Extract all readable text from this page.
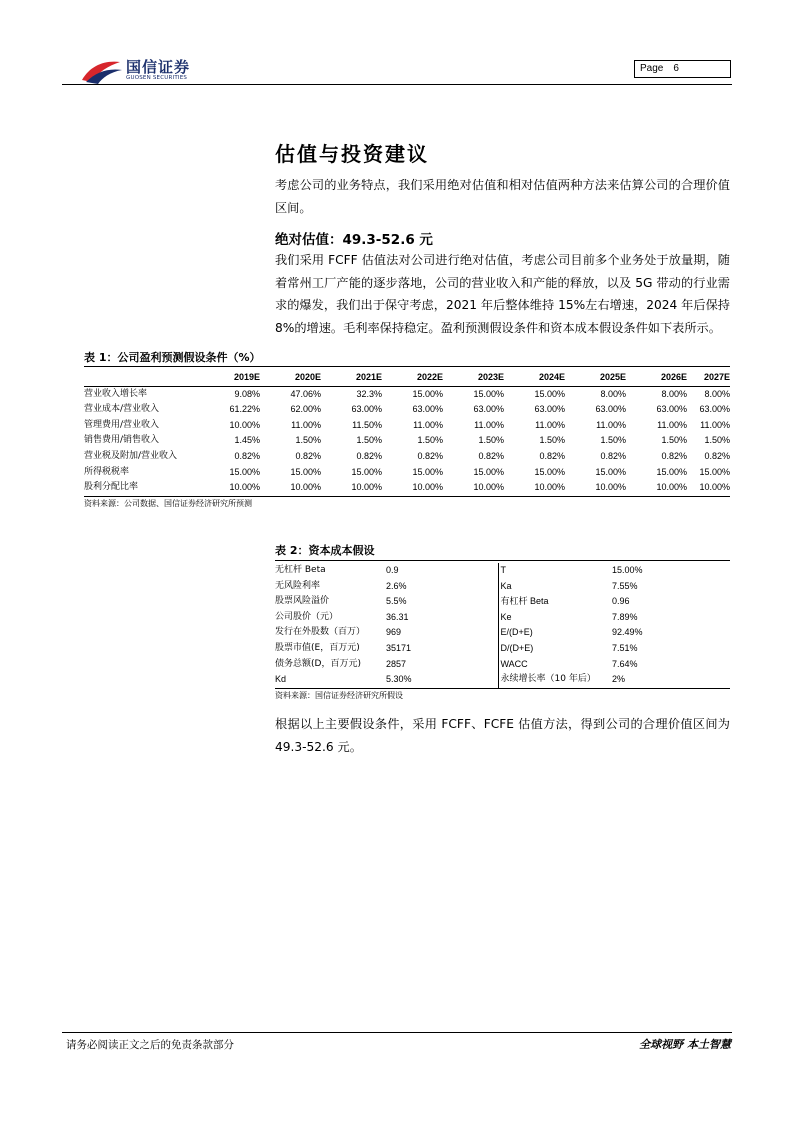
国信证券
GUOSEN SECURITIES
Page 6
估值与投资建议
考虑公司的业务特点，我们采用绝对估值和相对估值两种方法来估算公司的合理价值区间。
绝对估值：49.3-52.6 元
我们采用 FCFF 估值法对公司进行绝对估值，考虑公司目前多个业务处于放量期，随着常州工厂产能的逐步落地，公司的营业收入和产能的释放，以及 5G 带动的行业需求的爆发，我们出于保守考虑，2021 年后整体维持 15%左右增速，2024 年后保持 8%的增速。毛利率保持稳定。盈利预测假设条件和资本成本假设条件如下表所示。
表 1：公司盈利预测假设条件（%）
	2019E	2020E	2021E	2022E	2023E	2024E	2025E	2026E	2027E
营业收入增长率	9.08%	47.06%	32.3%	15.00%	15.00%	15.00%	8.00%	8.00%	8.00%
营业成本/营业收入	61.22%	62.00%	63.00%	63.00%	63.00%	63.00%	63.00%	63.00%	63.00%
管理费用/营业收入	10.00%	11.00%	11.50%	11.00%	11.00%	11.00%	11.00%	11.00%	11.00%
销售费用/销售收入	1.45%	1.50%	1.50%	1.50%	1.50%	1.50%	1.50%	1.50%	1.50%
营业税及附加/营业收入	0.82%	0.82%	0.82%	0.82%	0.82%	0.82%	0.82%	0.82%	0.82%
所得税税率	15.00%	15.00%	15.00%	15.00%	15.00%	15.00%	15.00%	15.00%	15.00%
股利分配比率	10.00%	10.00%	10.00%	10.00%	10.00%	10.00%	10.00%	10.00%	10.00%
资料来源：公司数据、国信证券经济研究所预测
表 2：资本成本假设
无杠杆 Beta	0.9	T	15.00%
无风险利率	2.6%	Ka	7.55%
股票风险溢价	5.5%	有杠杆 Beta	0.96
公司股价（元）	36.31	Ke	7.89%
发行在外股数（百万）	969	E/(D+E)	92.49%
股票市值(E，百万元)	35171	D/(D+E)	7.51%
债务总额(D，百万元)	2857	WACC	7.64%
Kd	5.30%	永续增长率（10 年后）	2%
资料来源：国信证券经济研究所假设
根据以上主要假设条件，采用 FCFF、FCFE 估值方法，得到公司的合理价值区间为 49.3-52.6 元。
请务必阅读正文之后的免责条款部分	全球视野 本土智慧
